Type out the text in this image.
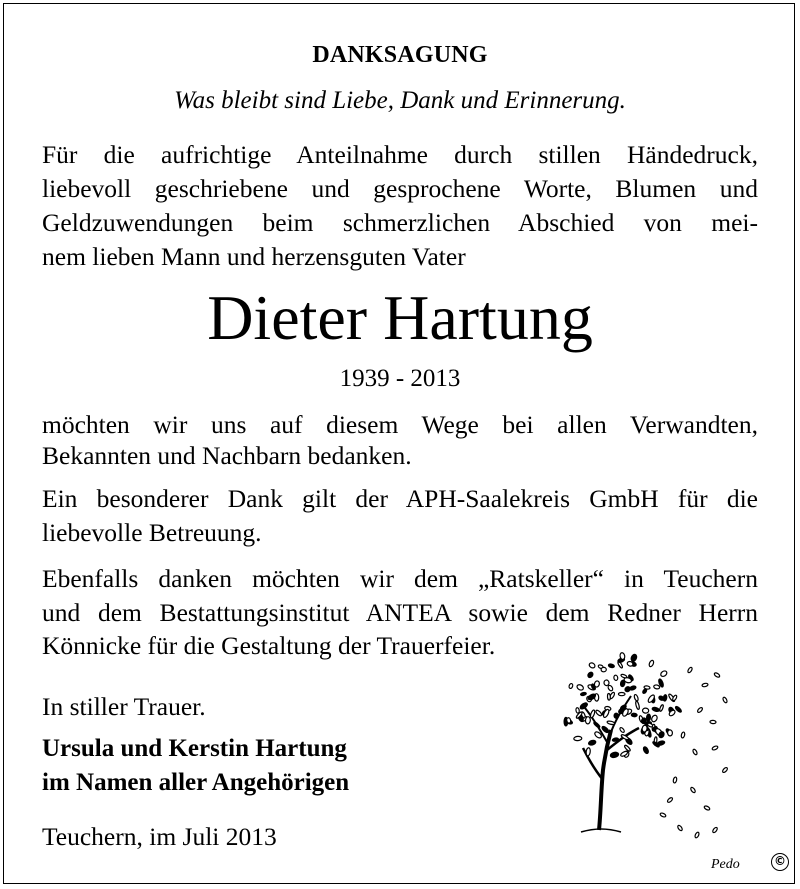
DANKSAGUNG
Was bleibt sind Liebe, Dank und Erinnerung.
Für die aufrichtige Anteilnahme durch stillen Händedruck,
liebevoll geschriebene und gesprochene Worte, Blumen und
Geldzuwendungen beim schmerzlichen Abschied von mei-
nem lieben Mann und herzensguten Vater
Dieter Hartung
1939 - 2013
möchten wir uns auf diesem Wege bei allen Verwandten,
Bekannten und Nachbarn bedanken.
Ein besonderer Dank gilt der APH-Saalekreis GmbH für die
liebevolle Betreuung.
Ebenfalls danken möchten wir dem „Ratskeller“ in Teuchern
und dem Bestattungsinstitut ANTEA sowie dem Redner Herrn
Könnicke für die Gestaltung der Trauerfeier.
In stiller Trauer.
Ursula und Kerstin Hartung
im Namen aller Angehörigen
Teuchern, im Juli 2013
Pedo	©
